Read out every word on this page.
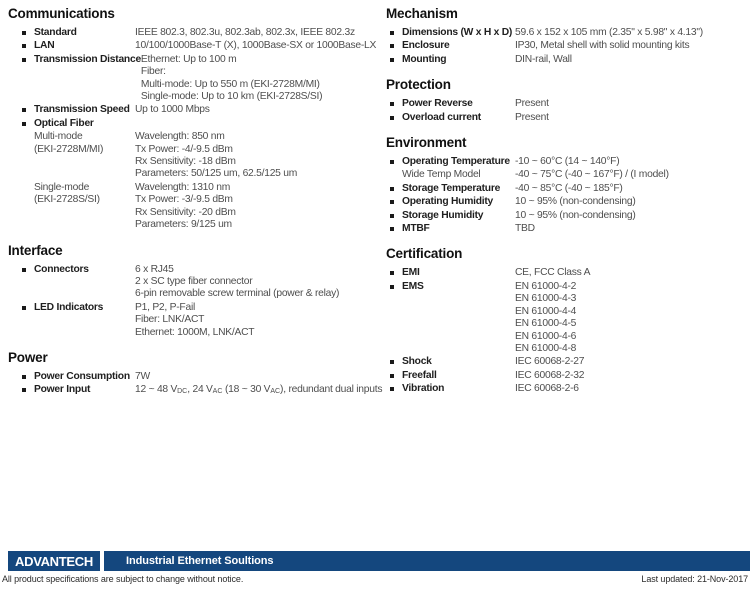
Communications
Standard	IEEE 802.3, 802.3u, 802.3ab, 802.3x, IEEE 802.3z
LAN	10/100/1000Base-T (X), 1000Base-SX or 1000Base-LX
Transmission Distance Ethernet: Up to 100 m
Fiber:
Multi-mode: Up to 550 m (EKI-2728M/MI)
Single-mode: Up to 10 km (EKI-2728S/SI)
Transmission Speed Up to 1000 Mbps
Optical Fiber
Multi-mode
(EKI-2728M/MI)
Wavelength: 850 nm
Tx Power: -4/-9.5 dBm
Rx Sensitivity: -18 dBm
Parameters: 50/125 um, 62.5/125 um
Single-mode
(EKI-2728S/SI)
Wavelength: 1310 nm
Tx Power: -3/-9.5 dBm
Rx Sensitivity: -20 dBm
Parameters: 9/125 um
Interface
Connectors	6 x RJ45
2 x SC type fiber connector
6-pin removable screw terminal (power & relay)
LED Indicators	P1, P2, P-Fail
Fiber: LNK/ACT
Ethernet: 1000M, LNK/ACT
Power
Power Consumption 7W
Power Input	12 ~ 48 $V_{DC}$, 24 $V_{AC}$ (18 ~ 30 $V_{AC}$), redundant dual inputs
Mechanism
Dimensions (W x H x D) 59.6 x 152 x 105 mm (2.35" x 5.98" x 4.13")
Enclosure	IP30, Metal shell with solid mounting kits
Mounting	DIN-rail, Wall
Protection
Power Reverse	Present
Overload current	Present
Environment
Operating Temperature -10 ~ 60°C (14 ~ 140°F)
Wide Temp Model	-40 ~ 75°C (-40 ~ 167°F) / (I model)
Storage Temperature -40 ~ 85°C (-40 ~ 185°F)
Operating Humidity 10 ~ 95% (non-condensing)
Storage Humidity	10 ~ 95% (non-condensing)
MTBF	TBD
Certification
EMI	CE, FCC Class A
EMS	EN 61000-4-2
EN 61000-4-3
EN 61000-4-4
EN 61000-4-5
EN 61000-4-6
EN 61000-4-8
Shock	IEC 60068-2-27
Freefall	IEC 60068-2-32
Vibration	IEC 60068-2-6
ADVANTECH	Industrial Ethernet Soultions
All product specifications are subject to change without notice.	Last updated: 21-Nov-2017
